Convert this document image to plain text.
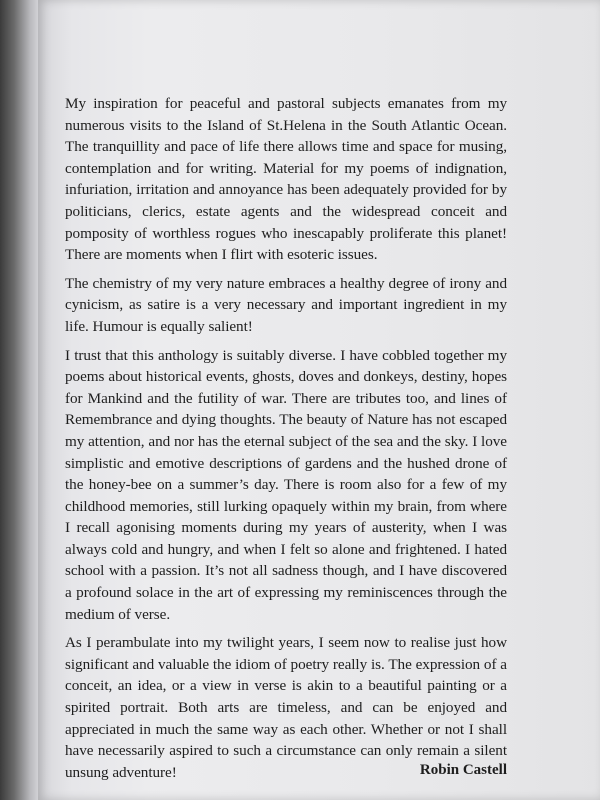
My inspiration for peaceful and pastoral subjects emanates from my numerous visits to the Island of St.Helena in the South Atlantic Ocean. The tranquillity and pace of life there allows time and space for musing, contemplation and for writing. Material for my poems of indignation, infuriation, irritation and annoyance has been adequately provided for by politicians, clerics, estate agents and the widespread conceit and pomposity of worthless rogues who inescapably proliferate this planet! There are moments when I flirt with esoteric issues.

The chemistry of my very nature embraces a healthy degree of irony and cynicism, as satire is a very necessary and important ingredient in my life. Humour is equally salient!

I trust that this anthology is suitably diverse. I have cobbled together my poems about historical events, ghosts, doves and donkeys, destiny, hopes for Mankind and the futility of war. There are tributes too, and lines of Remembrance and dying thoughts. The beauty of Nature has not escaped my attention, and nor has the eternal subject of the sea and the sky. I love simplistic and emotive descriptions of gardens and the hushed drone of the honey-bee on a summer’s day. There is room also for a few of my childhood memories, still lurking opaquely within my brain, from where I recall agonising moments during my years of austerity, when I was always cold and hungry, and when I felt so alone and frightened. I hated school with a passion. It’s not all sadness though, and I have discovered a profound solace in the art of expressing my reminiscences through the medium of verse.

As I perambulate into my twilight years, I seem now to realise just how significant and valuable the idiom of poetry really is. The expression of a conceit, an idea, or a view in verse is akin to a beautiful painting or a spirited portrait. Both arts are timeless, and can be enjoyed and appreciated in much the same way as each other. Whether or not I shall have necessarily aspired to such a circumstance can only remain a silent unsung adventure!	Robin Castell
